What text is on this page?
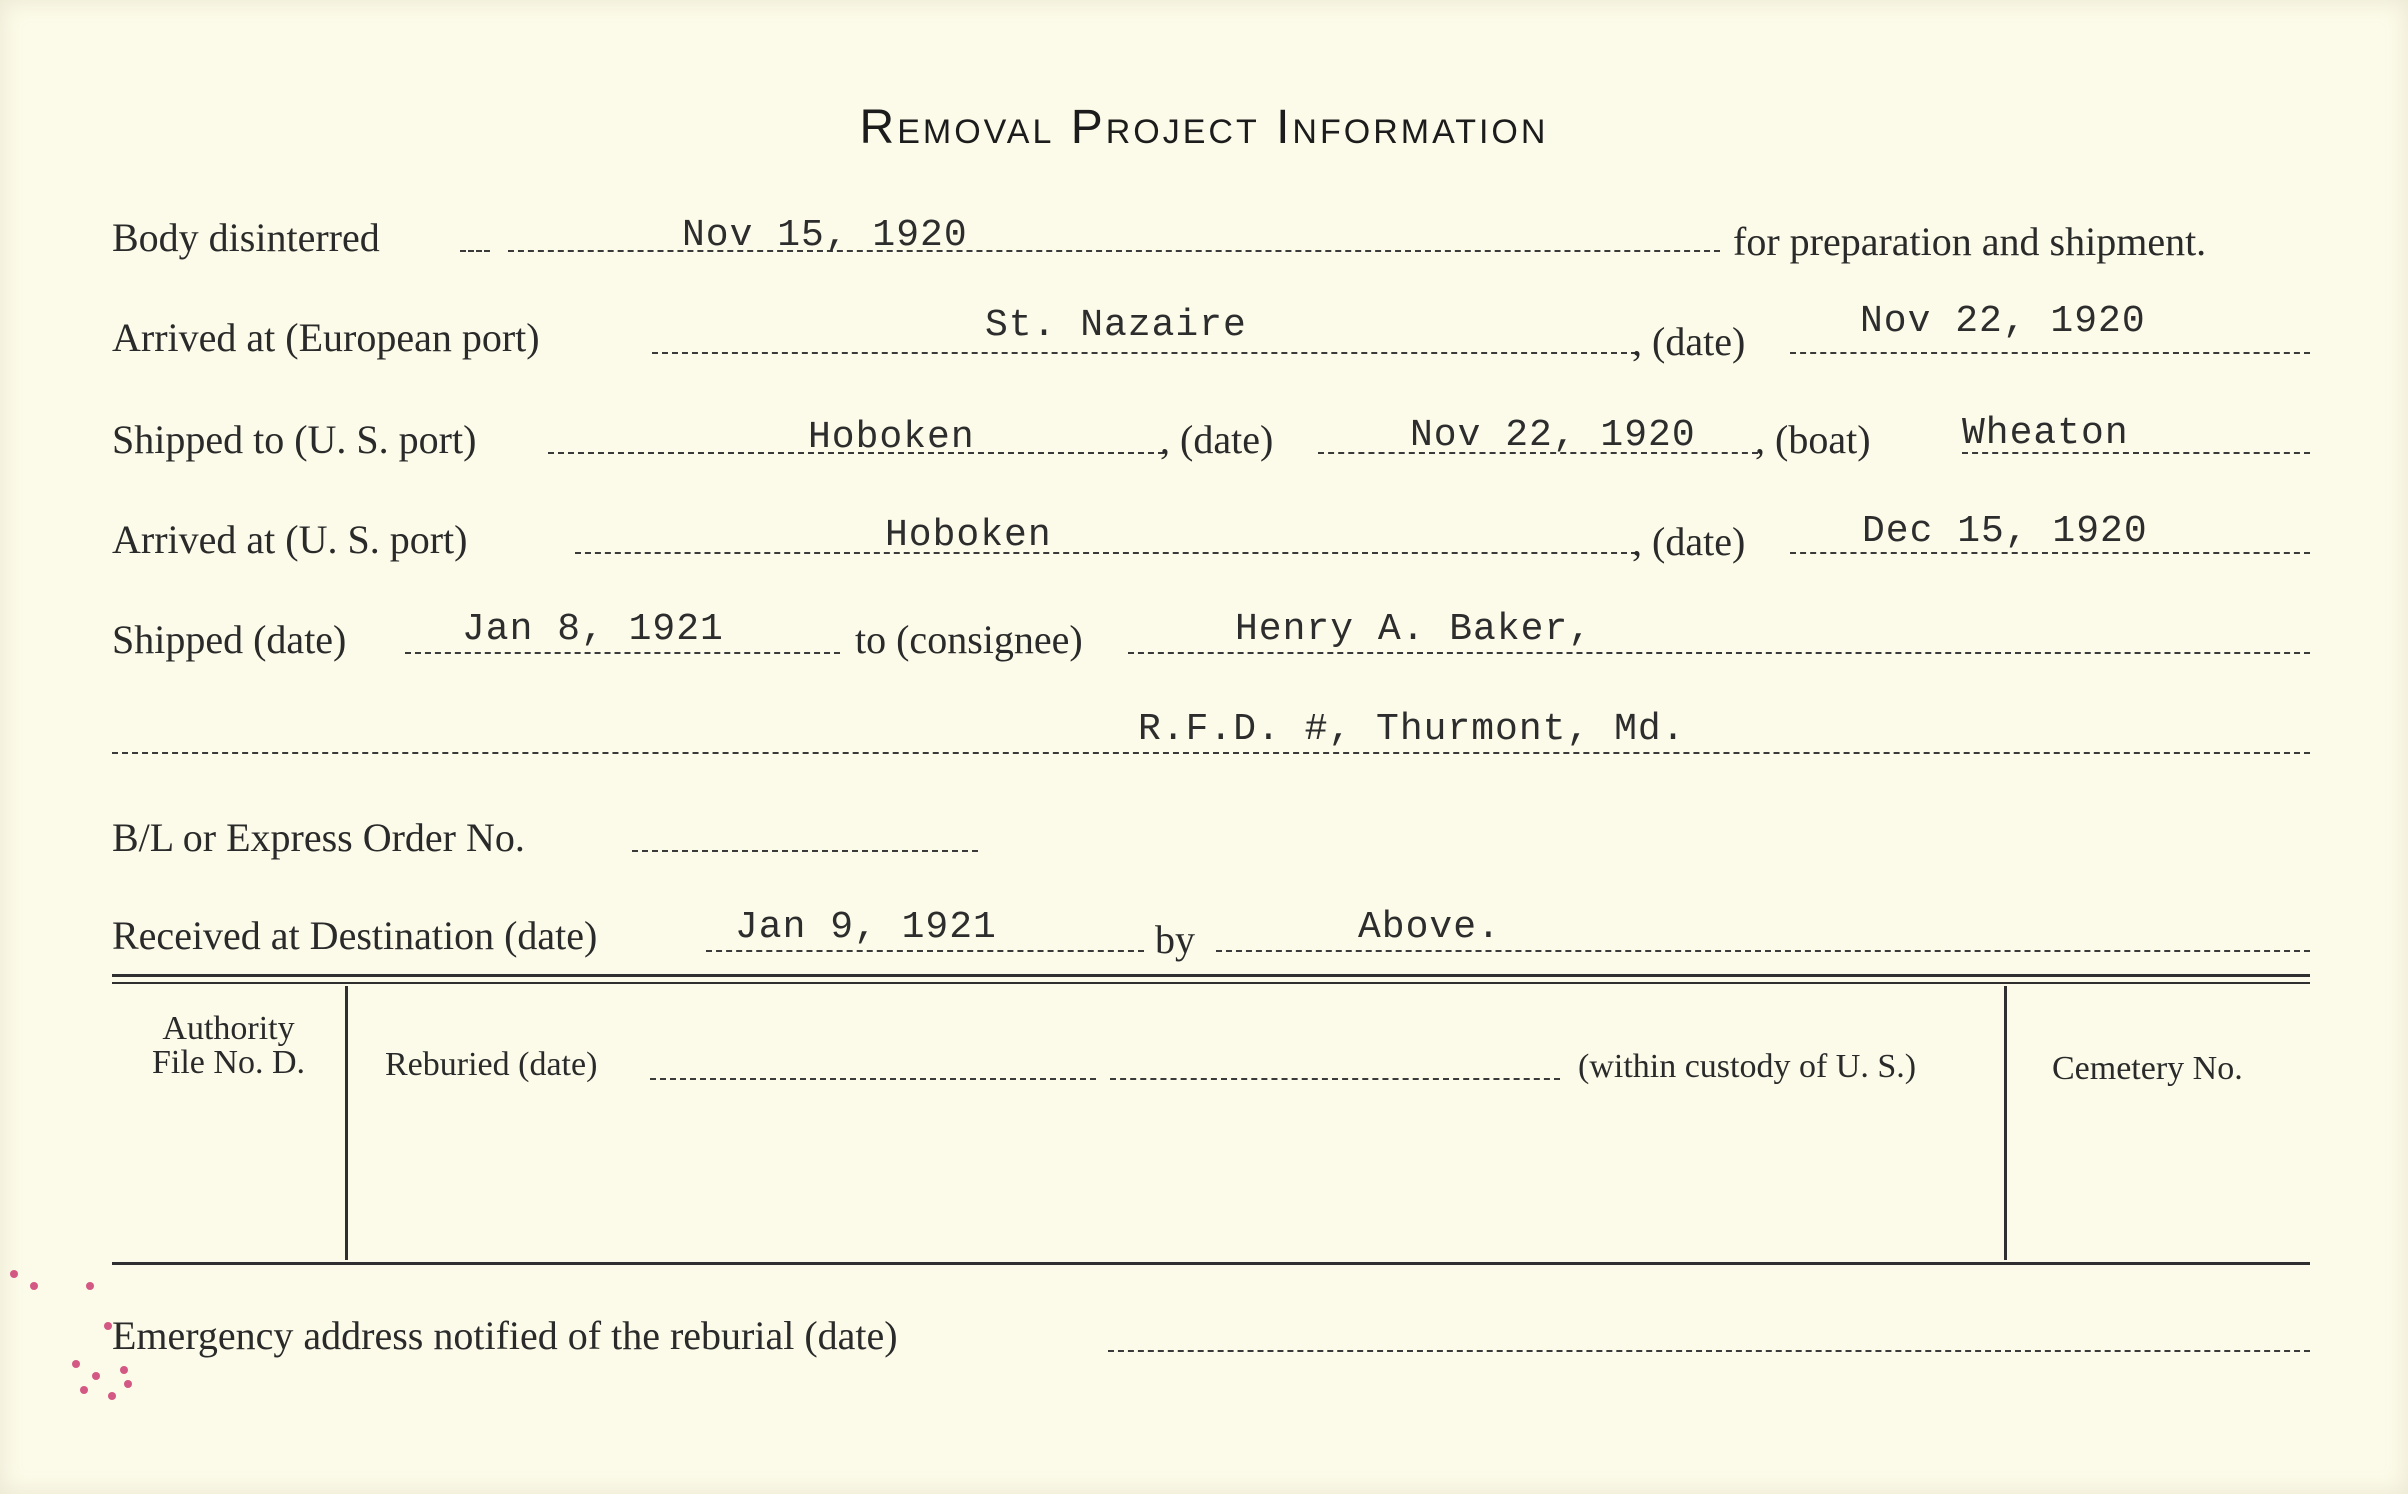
Removal Project Information
Body disinterred	Nov 15, 1920	for preparation and shipment.
Arrived at (European port)	St. Nazaire	, (date)	Nov 22, 1920
Shipped to (U. S. port)	Hoboken	, (date)	Nov 22, 1920 , (boat) Wheaton
Arrived at (U. S. port)	Hoboken	, (date)	Dec 15, 1920
Shipped (date)	Jan 8, 1921	to (consignee)	Henry A. Baker,
R.F.D. #, Thurmont, Md.
B/L or Express Order No.
Received at Destination (date)	Jan 9, 1921	by	Above.
Authority
File No. D.	Reburied (date)	(within custody of U. S.)	Cemetery No.
Emergency address notified of the reburial (date)
